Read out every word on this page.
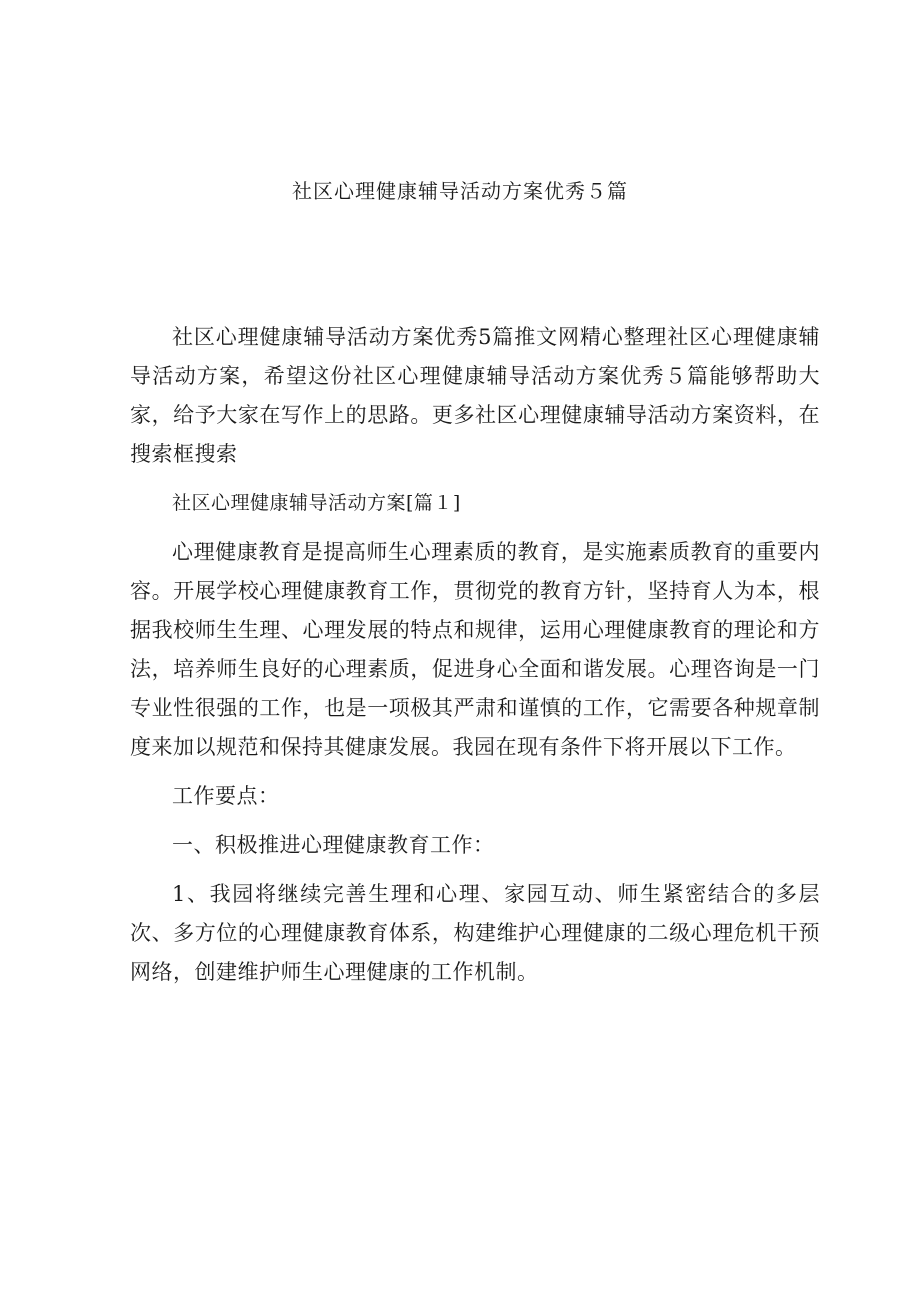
社区心理健康辅导活动方案优秀５篇

社区心理健康辅导活动方案优秀5篇推文网精心整理社区心理健康辅导活动方案，希望这份社区心理健康辅导活动方案优秀５篇能够帮助大家，给予大家在写作上的思路。更多社区心理健康辅导活动方案资料，在搜索框搜索

社区心理健康辅导活动方案[篇１]

心理健康教育是提高师生心理素质的教育，是实施素质教育的重要内容。开展学校心理健康教育工作，贯彻党的教育方针，坚持育人为本，根据我校师生生理、心理发展的特点和规律，运用心理健康教育的理论和方法，培养师生良好的心理素质，促进身心全面和谐发展。心理咨询是一门专业性很强的工作，也是一项极其严肃和谨慎的工作，它需要各种规章制度来加以规范和保持其健康发展。我园在现有条件下将开展以下工作。

工作要点：

一、积极推进心理健康教育工作：

1、我园将继续完善生理和心理、家园互动、师生紧密结合的多层次、多方位的心理健康教育体系，构建维护心理健康的二级心理危机干预网络，创建维护师生心理健康的工作机制。
